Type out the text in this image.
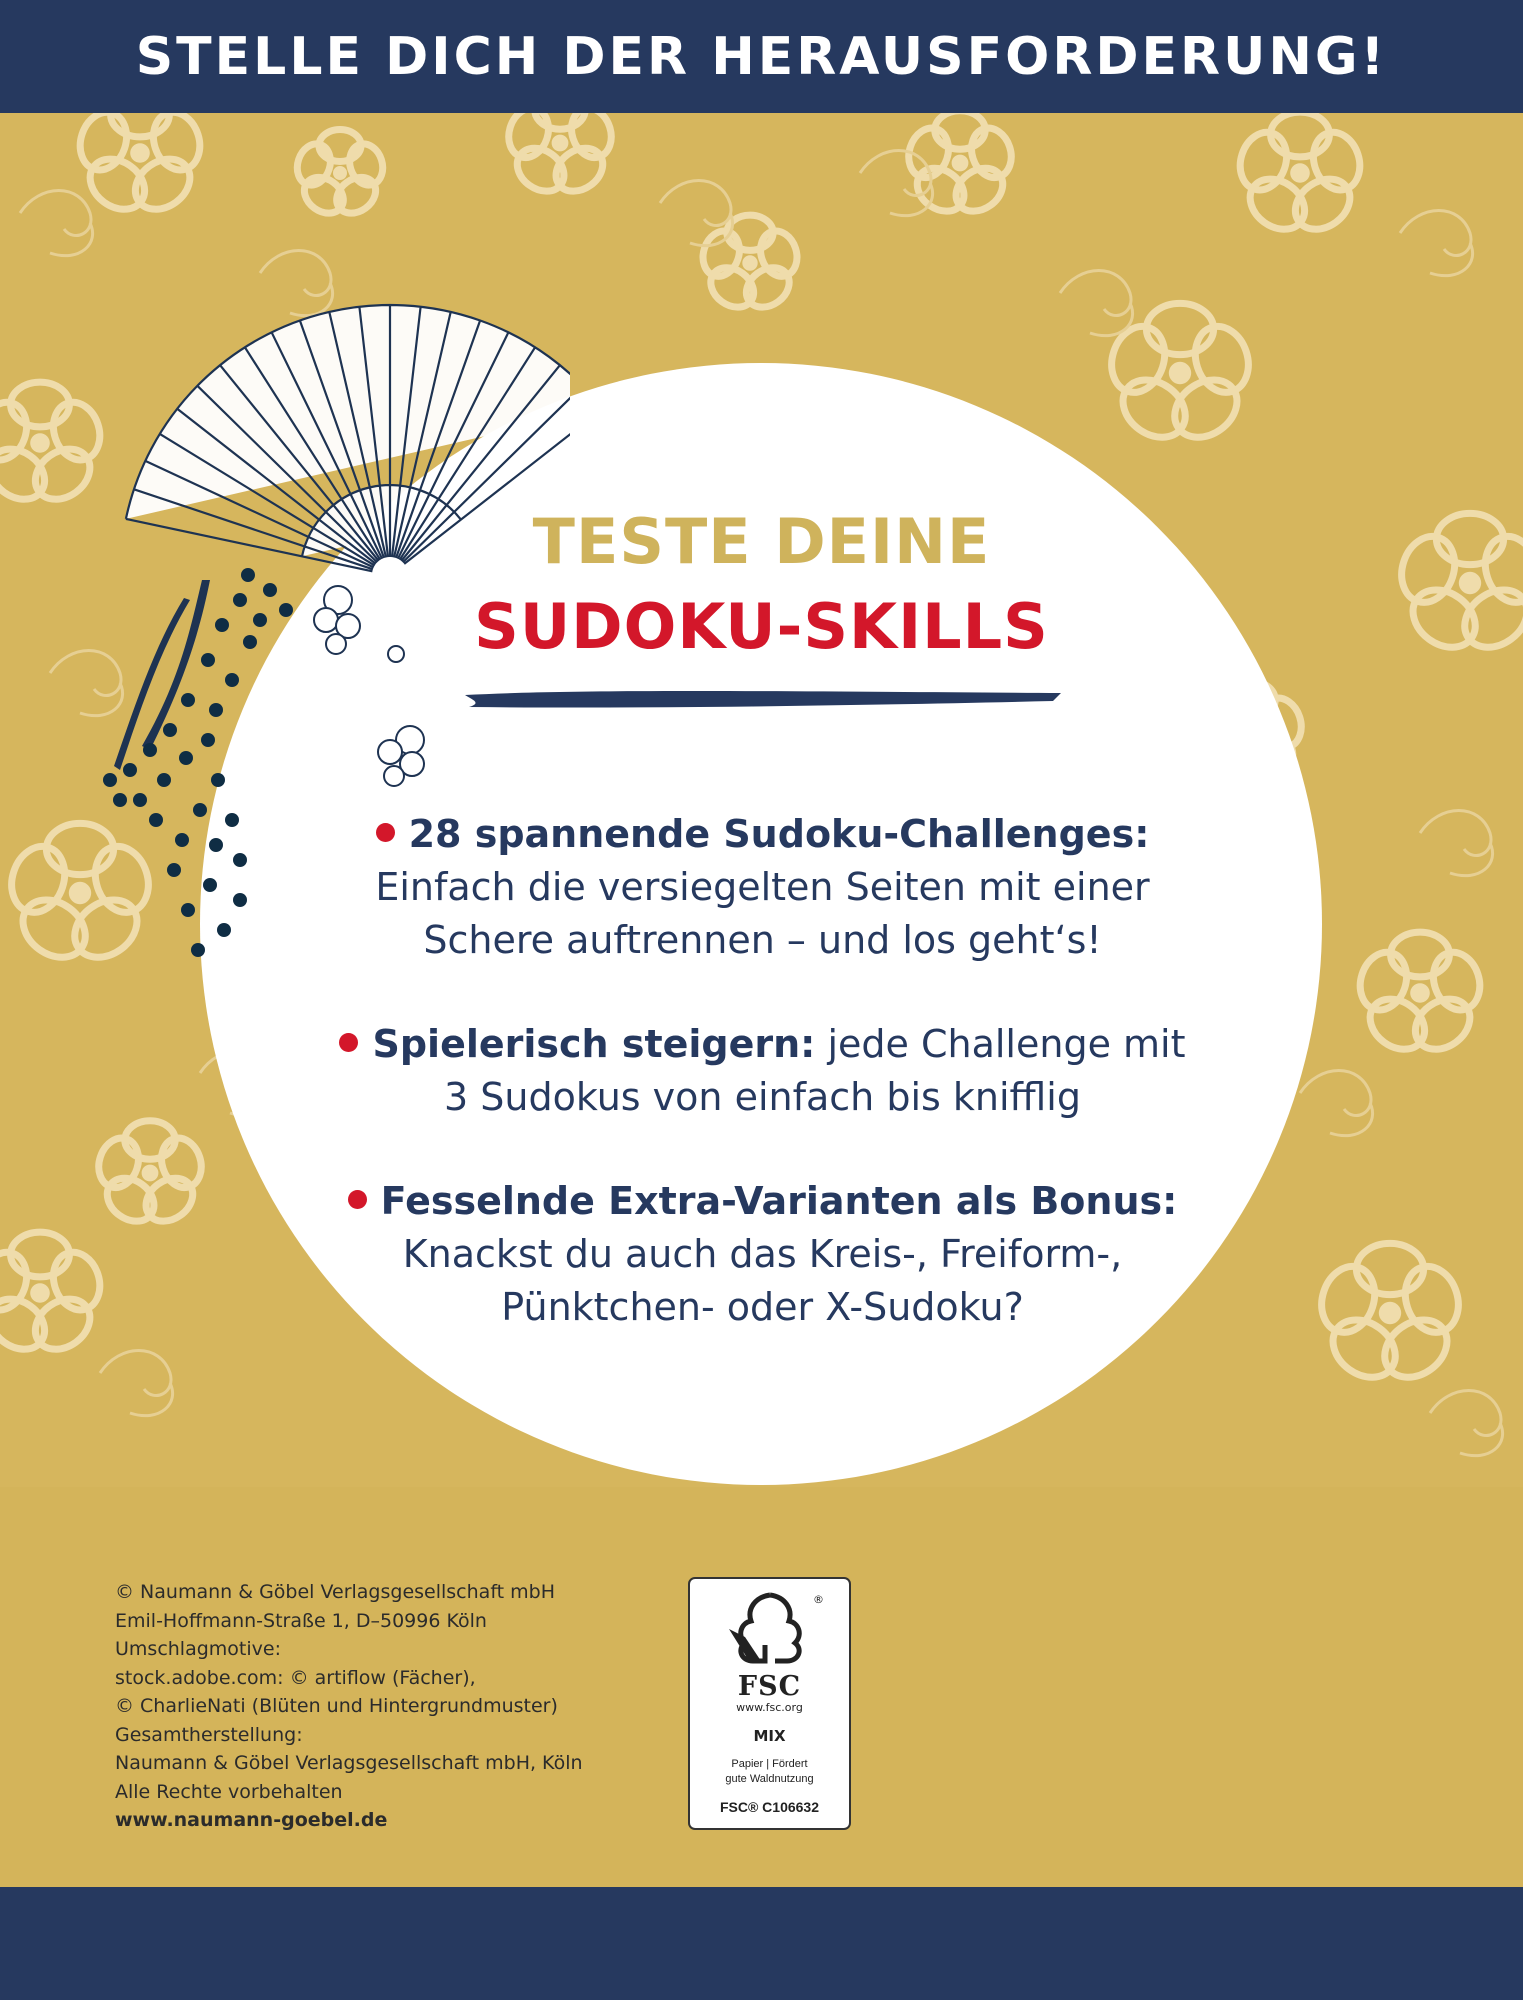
STELLE DICH DER HERAUSFORDERUNG!
TESTE DEINE
SUDOKU-SKILLS
28 spannende Sudoku-Challenges:
Einfach die versiegelten Seiten mit einer
Schere auftrennen – und los geht‘s!
Spielerisch steigern: jede Challenge mit
3 Sudokus von einfach bis knifflig
Fesselnde Extra-Varianten als Bonus:
Knackst du auch das Kreis-, Freiform-,
Pünktchen- oder X-Sudoku?
© Naumann & Göbel Verlagsgesellschaft mbH
Emil-Hoffmann-Straße 1, D–50996 Köln
Umschlagmotive:
stock.adobe.com: © artiflow (Fächer),
© CharlieNati (Blüten und Hintergrundmuster)
Gesamtherstellung:
Naumann & Göbel Verlagsgesellschaft mbH, Köln
Alle Rechte vorbehalten
www.naumann-goebel.de
®
FSC
www.fsc.org
MIX
Papier | Fördert
gute Waldnutzung
FSC® C106632
